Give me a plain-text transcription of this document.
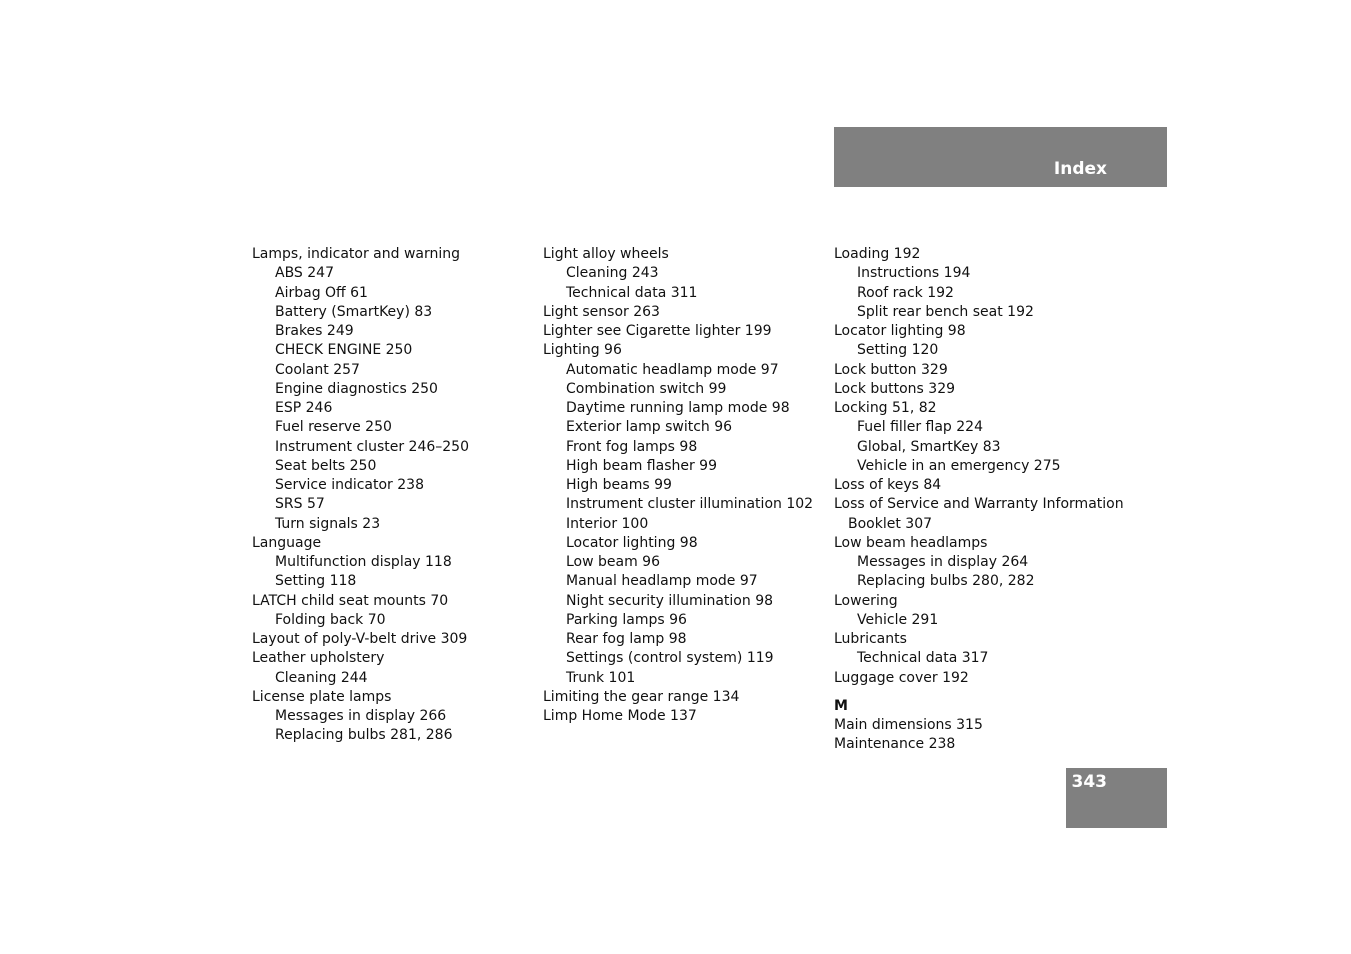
Index
Lamps, indicator and warning
ABS 247
Airbag Off 61
Battery (SmartKey) 83
Brakes 249
CHECK ENGINE 250
Coolant 257
Engine diagnostics 250
ESP 246
Fuel reserve 250
Instrument cluster 246–250
Seat belts 250
Service indicator 238
SRS 57
Turn signals 23
Language
Multifunction display 118
Setting 118
LATCH child seat mounts 70
Folding back 70
Layout of poly-V-belt drive 309
Leather upholstery
Cleaning 244
License plate lamps
Messages in display 266
Replacing bulbs 281, 286
Light alloy wheels
Cleaning 243
Technical data 311
Light sensor 263
Lighter see Cigarette lighter 199
Lighting 96
Automatic headlamp mode 97
Combination switch 99
Daytime running lamp mode 98
Exterior lamp switch 96
Front fog lamps 98
High beam flasher 99
High beams 99
Instrument cluster illumination 102
Interior 100
Locator lighting 98
Low beam 96
Manual headlamp mode 97
Night security illumination 98
Parking lamps 96
Rear fog lamp 98
Settings (control system) 119
Trunk 101
Limiting the gear range 134
Limp Home Mode 137
Loading 192
Instructions 194
Roof rack 192
Split rear bench seat 192
Locator lighting 98
Setting 120
Lock button 329
Lock buttons 329
Locking 51, 82
Fuel filler flap 224
Global, SmartKey 83
Vehicle in an emergency 275
Loss of keys 84
Loss of Service and Warranty Information
Booklet 307
Low beam headlamps
Messages in display 264
Replacing bulbs 280, 282
Lowering
Vehicle 291
Lubricants
Technical data 317
Luggage cover 192
M
Main dimensions 315
Maintenance 238
343
